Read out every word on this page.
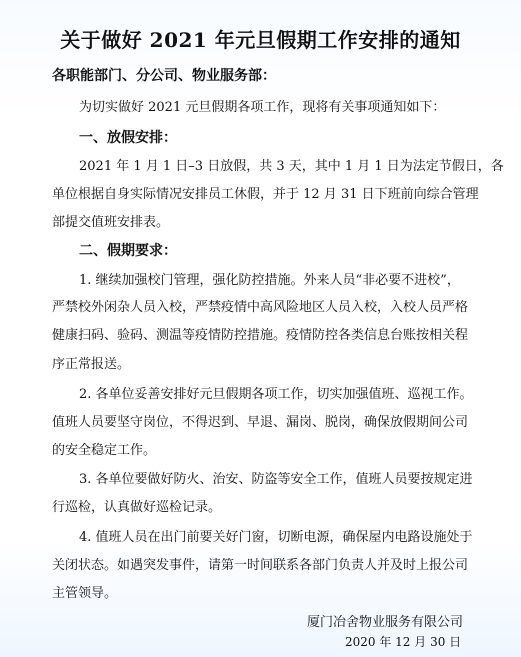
关于做好 2021 年元旦假期工作安排的通知
各职能部门、分公司、物业服务部：
为切实做好 2021 元旦假期各项工作，现将有关事项通知如下：
一、放假安排：
2021 年 1 月 1 日–3 日放假，共 3 天，其中 1 月 1 日为法定节假日，各
单位根据自身实际情况安排员工休假，并于 12 月 31 日下班前向综合管理
部提交值班安排表。
二、假期要求：
1. 继续加强校门管理，强化防控措施。外来人员“非必要不进校”，
严禁校外闲杂人员入校，严禁疫情中高风险地区人员入校，入校人员严格
健康扫码、验码、测温等疫情防控措施。疫情防控各类信息台账按相关程
序正常报送。
2. 各单位妥善安排好元旦假期各项工作，切实加强值班、巡视工作。
值班人员要坚守岗位，不得迟到、早退、漏岗、脱岗，确保放假期间公司
的安全稳定工作。
3. 各单位要做好防火、治安、防盗等安全工作，值班人员要按规定进
行巡检，认真做好巡检记录。
4. 值班人员在出门前要关好门窗，切断电源，确保屋内电路设施处于
关闭状态。如遇突发事件，请第一时间联系各部门负责人并及时上报公司
主管领导。
厦门冶舍物业服务有限公司
2020 年 12 月 30 日
